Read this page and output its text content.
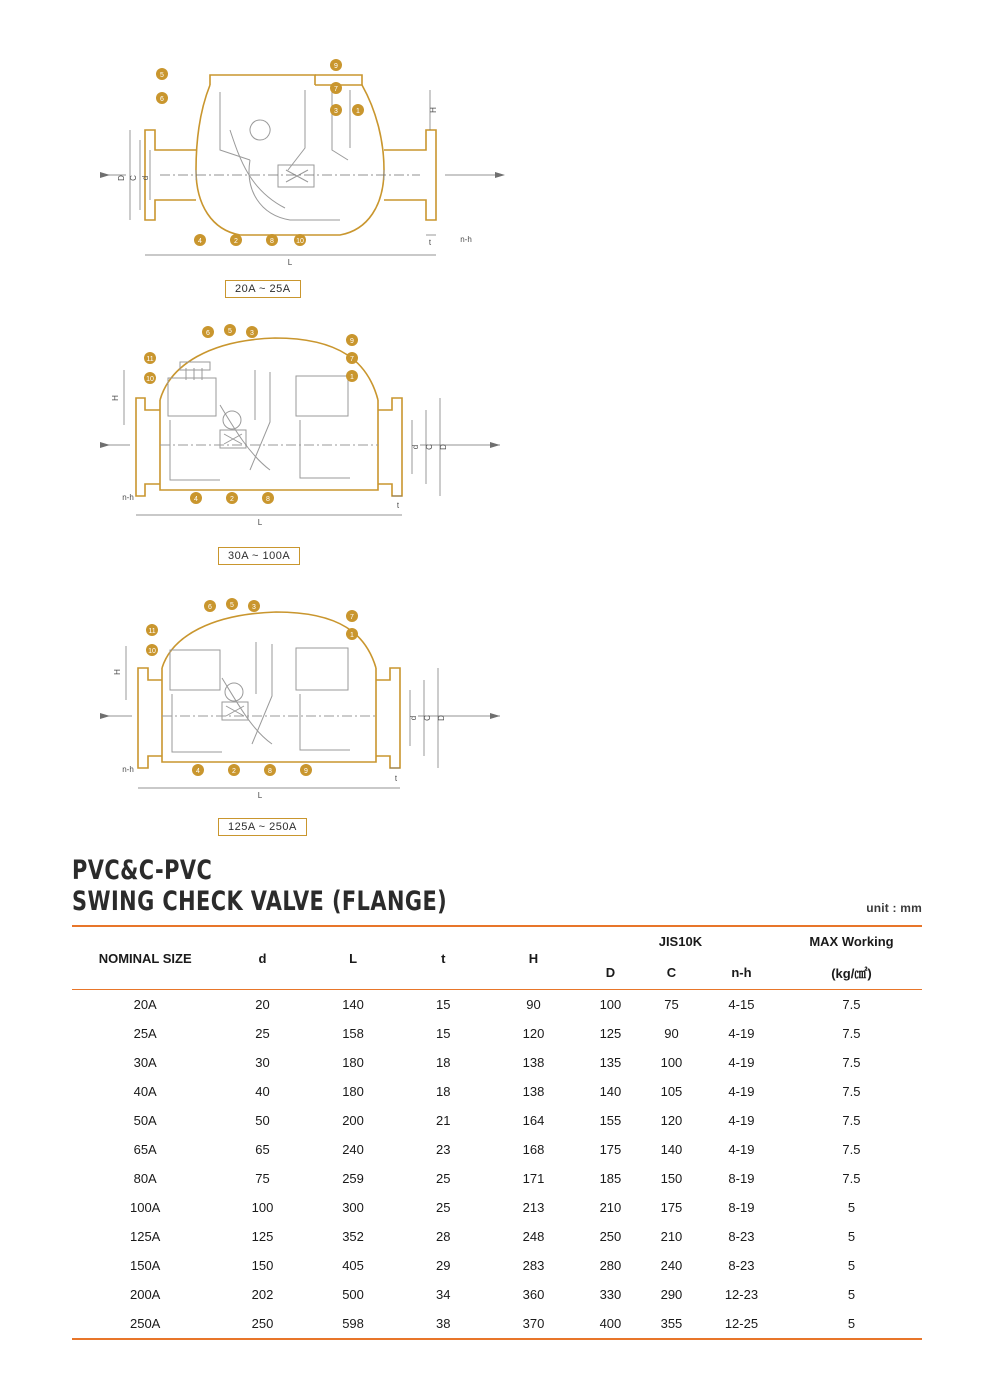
D C d
L
H
t	n-h
5
6
9
7
3	1
4	2	8	10
20A ~ 25A
H
D
C
d
L
t
n-h
6	5	3
9
7
1
11
10
4	2	8
30A ~ 100A
H
D
C
d
L
t
n-h
6	5	3
7
1
11
10
4	2	8	9
125A ~ 250A
PVC&C-PVC
SWING CHECK VALVE (FLANGE)	unit : mm
NOMINAL SIZE	d	L	t	H	JIS10K			MAX Working
					D	C	n-h	(kg/㎠)
20A	20	140	15	90	100	75	4-15	7.5
25A	25	158	15	120	125	90	4-19	7.5
30A	30	180	18	138	135	100	4-19	7.5
40A	40	180	18	138	140	105	4-19	7.5
50A	50	200	21	164	155	120	4-19	7.5
65A	65	240	23	168	175	140	4-19	7.5
80A	75	259	25	171	185	150	8-19	7.5
100A	100	300	25	213	210	175	8-19	5
125A	125	352	28	248	250	210	8-23	5
150A	150	405	29	283	280	240	8-23	5
200A	202	500	34	360	330	290	12-23	5
250A	250	598	38	370	400	355	12-25	5
